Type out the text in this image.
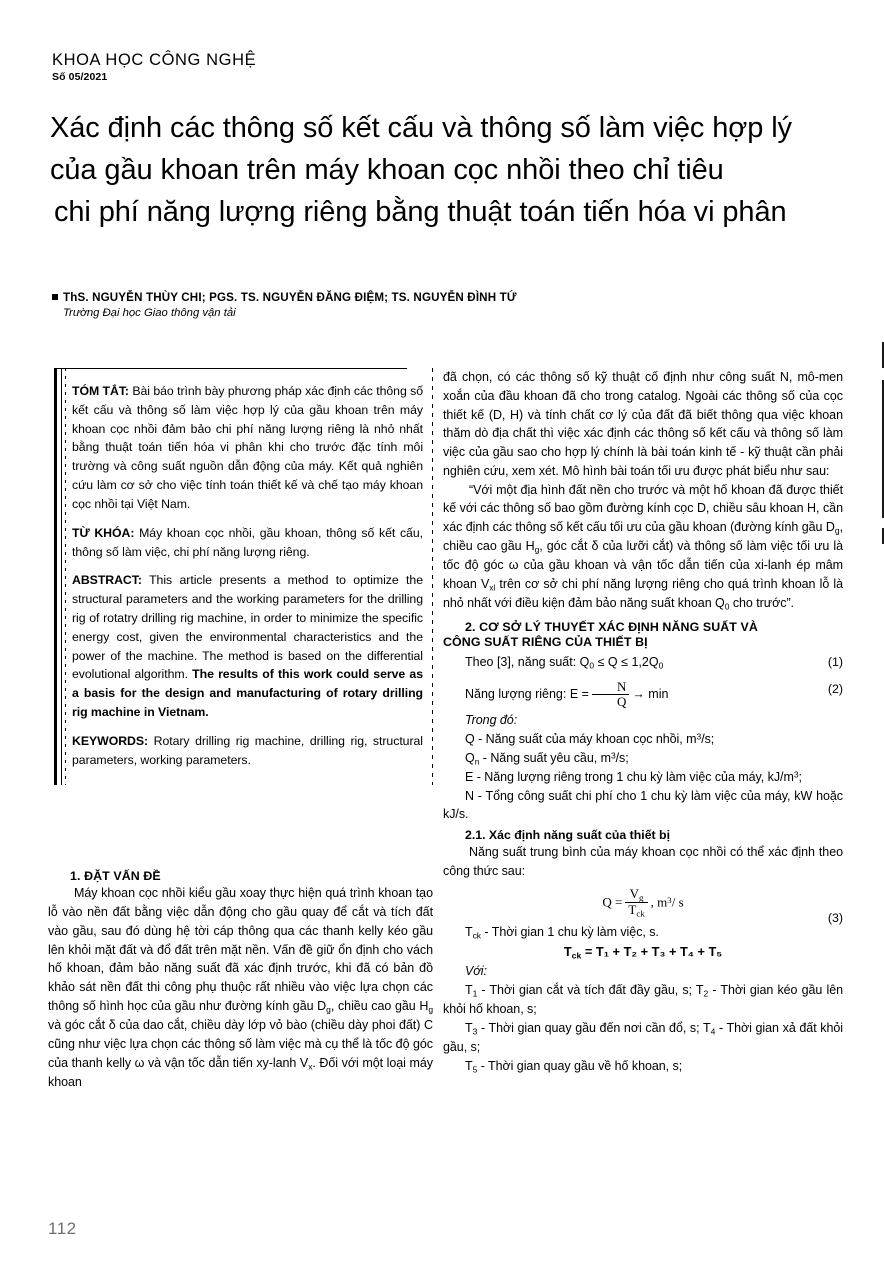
KHOA HỌC CÔNG NGHỆ
Số 05/2021
Xác định các thông số kết cấu và thông số làm việc hợp lý
của gầu khoan trên máy khoan cọc nhồi theo chỉ tiêu
chi phí năng lượng riêng bằng thuật toán tiến hóa vi phân
ThS. NGUYỄN THÙY CHI; PGS. TS. NGUYỄN ĐĂNG ĐIỆM; TS. NGUYỄN ĐÌNH TỨ
Trường Đại học Giao thông vận tải

TÓM TẮT: Bài báo trình bày phương pháp xác định các thông số kết cấu và thông số làm việc hợp lý của gầu khoan trên máy khoan cọc nhồi đảm bảo chi phí năng lượng riêng là nhỏ nhất bằng thuật toán tiến hóa vi phân khi cho trước đặc tính môi trường và công suất nguồn dẫn động của máy. Kết quả nghiên cứu làm cơ sở cho việc tính toán thiết kế và chế tạo máy khoan cọc nhồi tại Việt Nam.

TỪ KHÓA: Máy khoan cọc nhồi, gầu khoan, thông số kết cấu, thông số làm việc, chi phí năng lượng riêng.

ABSTRACT: This article presents a method to optimize the structural parameters and the working parameters for the drilling rig of rotatry drilling rig machine, in order to minimize the specific energy cost, given the environmental characteristics and the power of the machine. The method is based on the differential evolutional algorithm. The results of this work could serve as a basis for the design and manufacturing of rotary drilling rig machine in Vietnam.

KEYWORDS: Rotary drilling rig machine, drilling rig, structural parameters, working parameters.

1. ĐẶT VẤN ĐỀ

Máy khoan cọc nhồi kiểu gầu xoay thực hiện quá trình khoan tạo lỗ vào nền đất bằng việc dẫn động cho gầu quay để cắt và tích đất vào gầu, sau đó dùng hệ tời cáp thông qua các thanh kelly kéo gầu lên khỏi mặt đất và đổ đất trên mặt nền. Vấn đề giữ ổn định cho vách hố khoan, đảm bảo năng suất đã xác định trước, khi đã có bản đồ khảo sát nền đất thi công phụ thuộc rất nhiều vào việc lựa chọn các thông số hình học của gầu như đường kính gầu $D_g$, chiều cao gầu $H_g$ và góc cắt δ của dao cắt, chiều dày lớp vỏ bào (chiều dày phoi đất) C cũng như việc lựa chọn các thông số làm việc mà cụ thể là tốc độ góc của thanh kelly ω và vận tốc dẫn tiến xy-lanh $V_x$. Đối với một loại máy khoan

đã chọn, có các thông số kỹ thuật cố định như công suất N, mô-men xoắn của đầu khoan đã cho trong catalog. Ngoài các thông số của cọc thiết kế (D, H) và tính chất cơ lý của đất đã biết thông qua việc khoan thăm dò địa chất thì việc xác định các thông số kết cấu và thông số làm việc của gầu sao cho hợp lý chính là bài toán kinh tế - kỹ thuật cần phải nghiên cứu, xem xét. Mô hình bài toán tối ưu được phát biểu như sau:

“Với một địa hình đất nền cho trước và một hố khoan đã được thiết kế với các thông số bao gồm đường kính cọc D, chiều sâu khoan H, cần xác định các thông số kết cấu tối ưu của gầu khoan (đường kính gầu $D_g$, chiều cao gầu $H_g$, góc cắt δ của lưỡi cắt) và thông số làm việc tối ưu là tốc độ góc ω của gầu khoan và vận tốc dẫn tiến của xi-lanh ép mâm khoan $V_{xl}$ trên cơ sở chi phí năng lượng riêng cho quá trình khoan lỗ là nhỏ nhất với điều kiện đảm bảo năng suất khoan $Q_0$ cho trước”.

2. CƠ SỞ LÝ THUYẾT XÁC ĐỊNH NĂNG SUẤT VÀ
CÔNG SUẤT RIÊNG CỦA THIẾT BỊ
Theo [3], năng suất: $Q_0 \le Q \le 1,2Q_0$	(1)
Năng lượng riêng: $E = \frac{N}{Q} \to \min$	(2)

Trong đó:

Q - Năng suất của máy khoan cọc nhồi, $m^3/s$;

$Q_n$ - Năng suất yêu cầu, $m^3/s$;

E - Năng lượng riêng trong 1 chu kỳ làm việc của máy, $kJ/m^3$;

N - Tổng công suất chi phí cho 1 chu kỳ làm việc của máy, kW hoặc kJ/s.

2.1. Xác định năng suất của thiết bị

Năng suất trung bình của máy khoan cọc nhồi có thể xác định theo công thức sau:

$Q = \frac{V_g}{T_{ck}}$ , $m^3/$ s
(3)

$T_{ck}$ - Thời gian 1 chu kỳ làm việc, s.

$T_{ck} = T_1 + T_2 + T_3 + T_4 + T_5$

Với:

$T_1$ - Thời gian cắt và tích đất đầy gầu, s; $T_2$ - Thời gian kéo gầu lên khỏi hố khoan, s;

$T_3$ - Thời gian quay gầu đến nơi cần đổ, s; $T_4$ - Thời gian xả đất khỏi gầu, s;

$T_5$ - Thời gian quay gầu về hố khoan, s;

112
